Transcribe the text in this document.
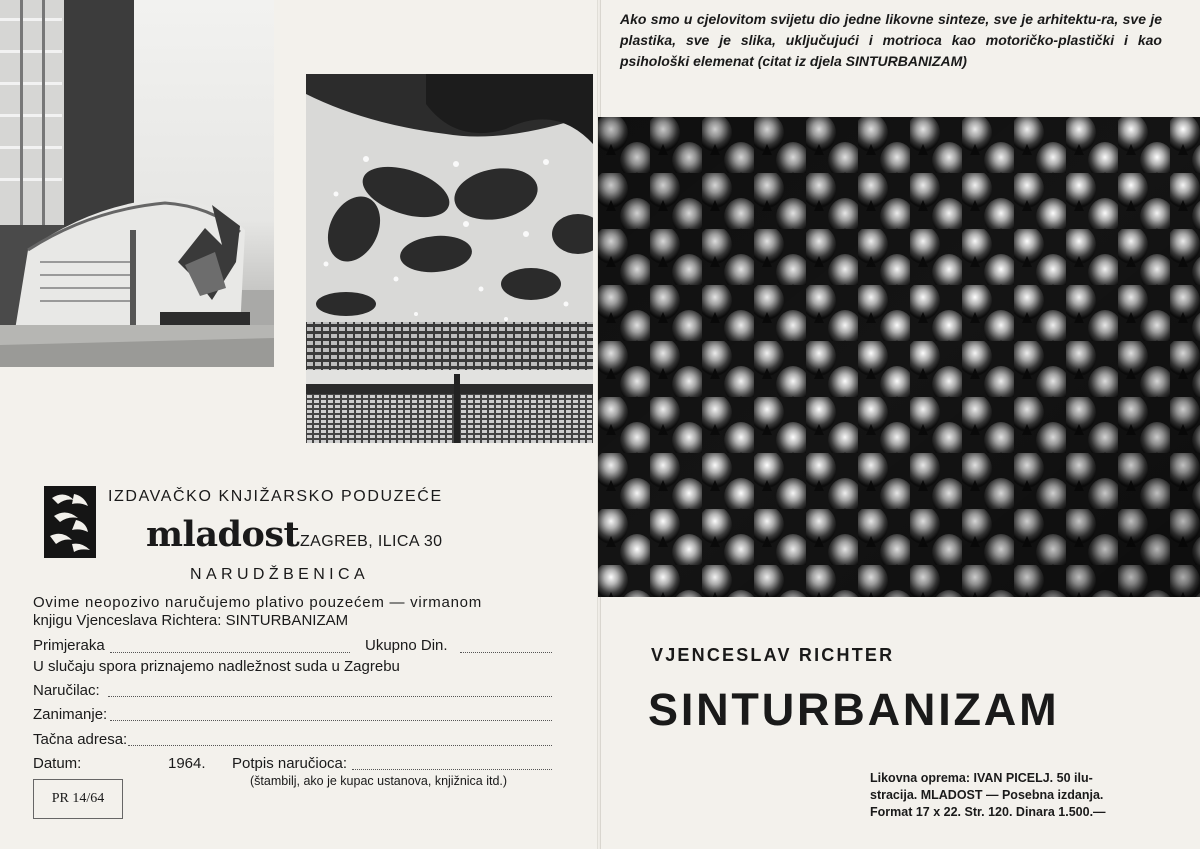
IZDAVAČKO KNJIŽARSKO PODUZEĆE
mladost ZAGREB, ILICA 30
NARUDŽBENICA
Ovime neopozivo naručujemo plativo pouzećem — virmanom
knjigu Vjenceslava Richtera: SINTURBANIZAM
Primjeraka	Ukupno Din.
U slučaju spora priznajemo nadležnost suda u Zagrebu
Naručilac:
Zanimanje:
Tačna adresa:
Datum:	1964. Potpis naručioca:
(štambilj, ako je kupac ustanova, knjižnica itd.)
PR 14/64
Ako smo u cjelovitom svijetu dio jedne likovne sinteze, sve je arhitektu-ra, sve je plastika, sve je slika, uključujući i motrioca kao motoričko-plastički i kao psihološki elemenat (citat iz djela SINTURBANIZAM)
VJENCESLAV RICHTER
SINTURBANIZAM
Likovna oprema: IVAN PICELJ. 50 ilu-
stracija. MLADOST — Posebna izdanja.
Format 17 x 22. Str. 120. Dinara 1.500.—
